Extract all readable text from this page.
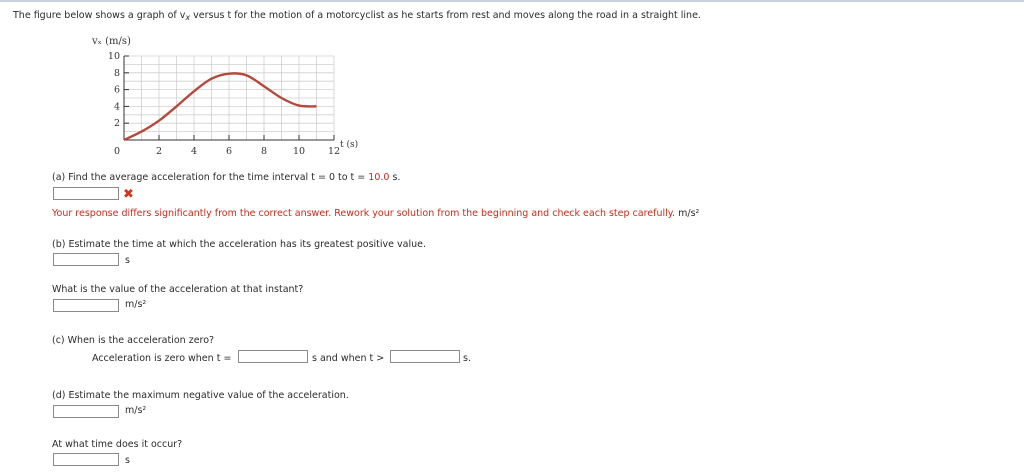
The figure below shows a graph of $v_x$ versus t for the motion of a motorcyclist as he starts from rest and moves along the road in a straight line.
0
2
4
6
8
10
2	4	6	8	10 12
vₓ (m/s)
t (s)
(a) Find the average acceleration for the time interval t = 0 to t = 10.0 s.
✖
Your response differs significantly from the correct answer. Rework your solution from the beginning and check each step carefully. m/s²
(b) Estimate the time at which the acceleration has its greatest positive value.
s
What is the value of the acceleration at that instant?
m/s²
(c) When is the acceleration zero?
Acceleration is zero when t =	s and when t >	s.
(d) Estimate the maximum negative value of the acceleration.
m/s²
At what time does it occur?
s
